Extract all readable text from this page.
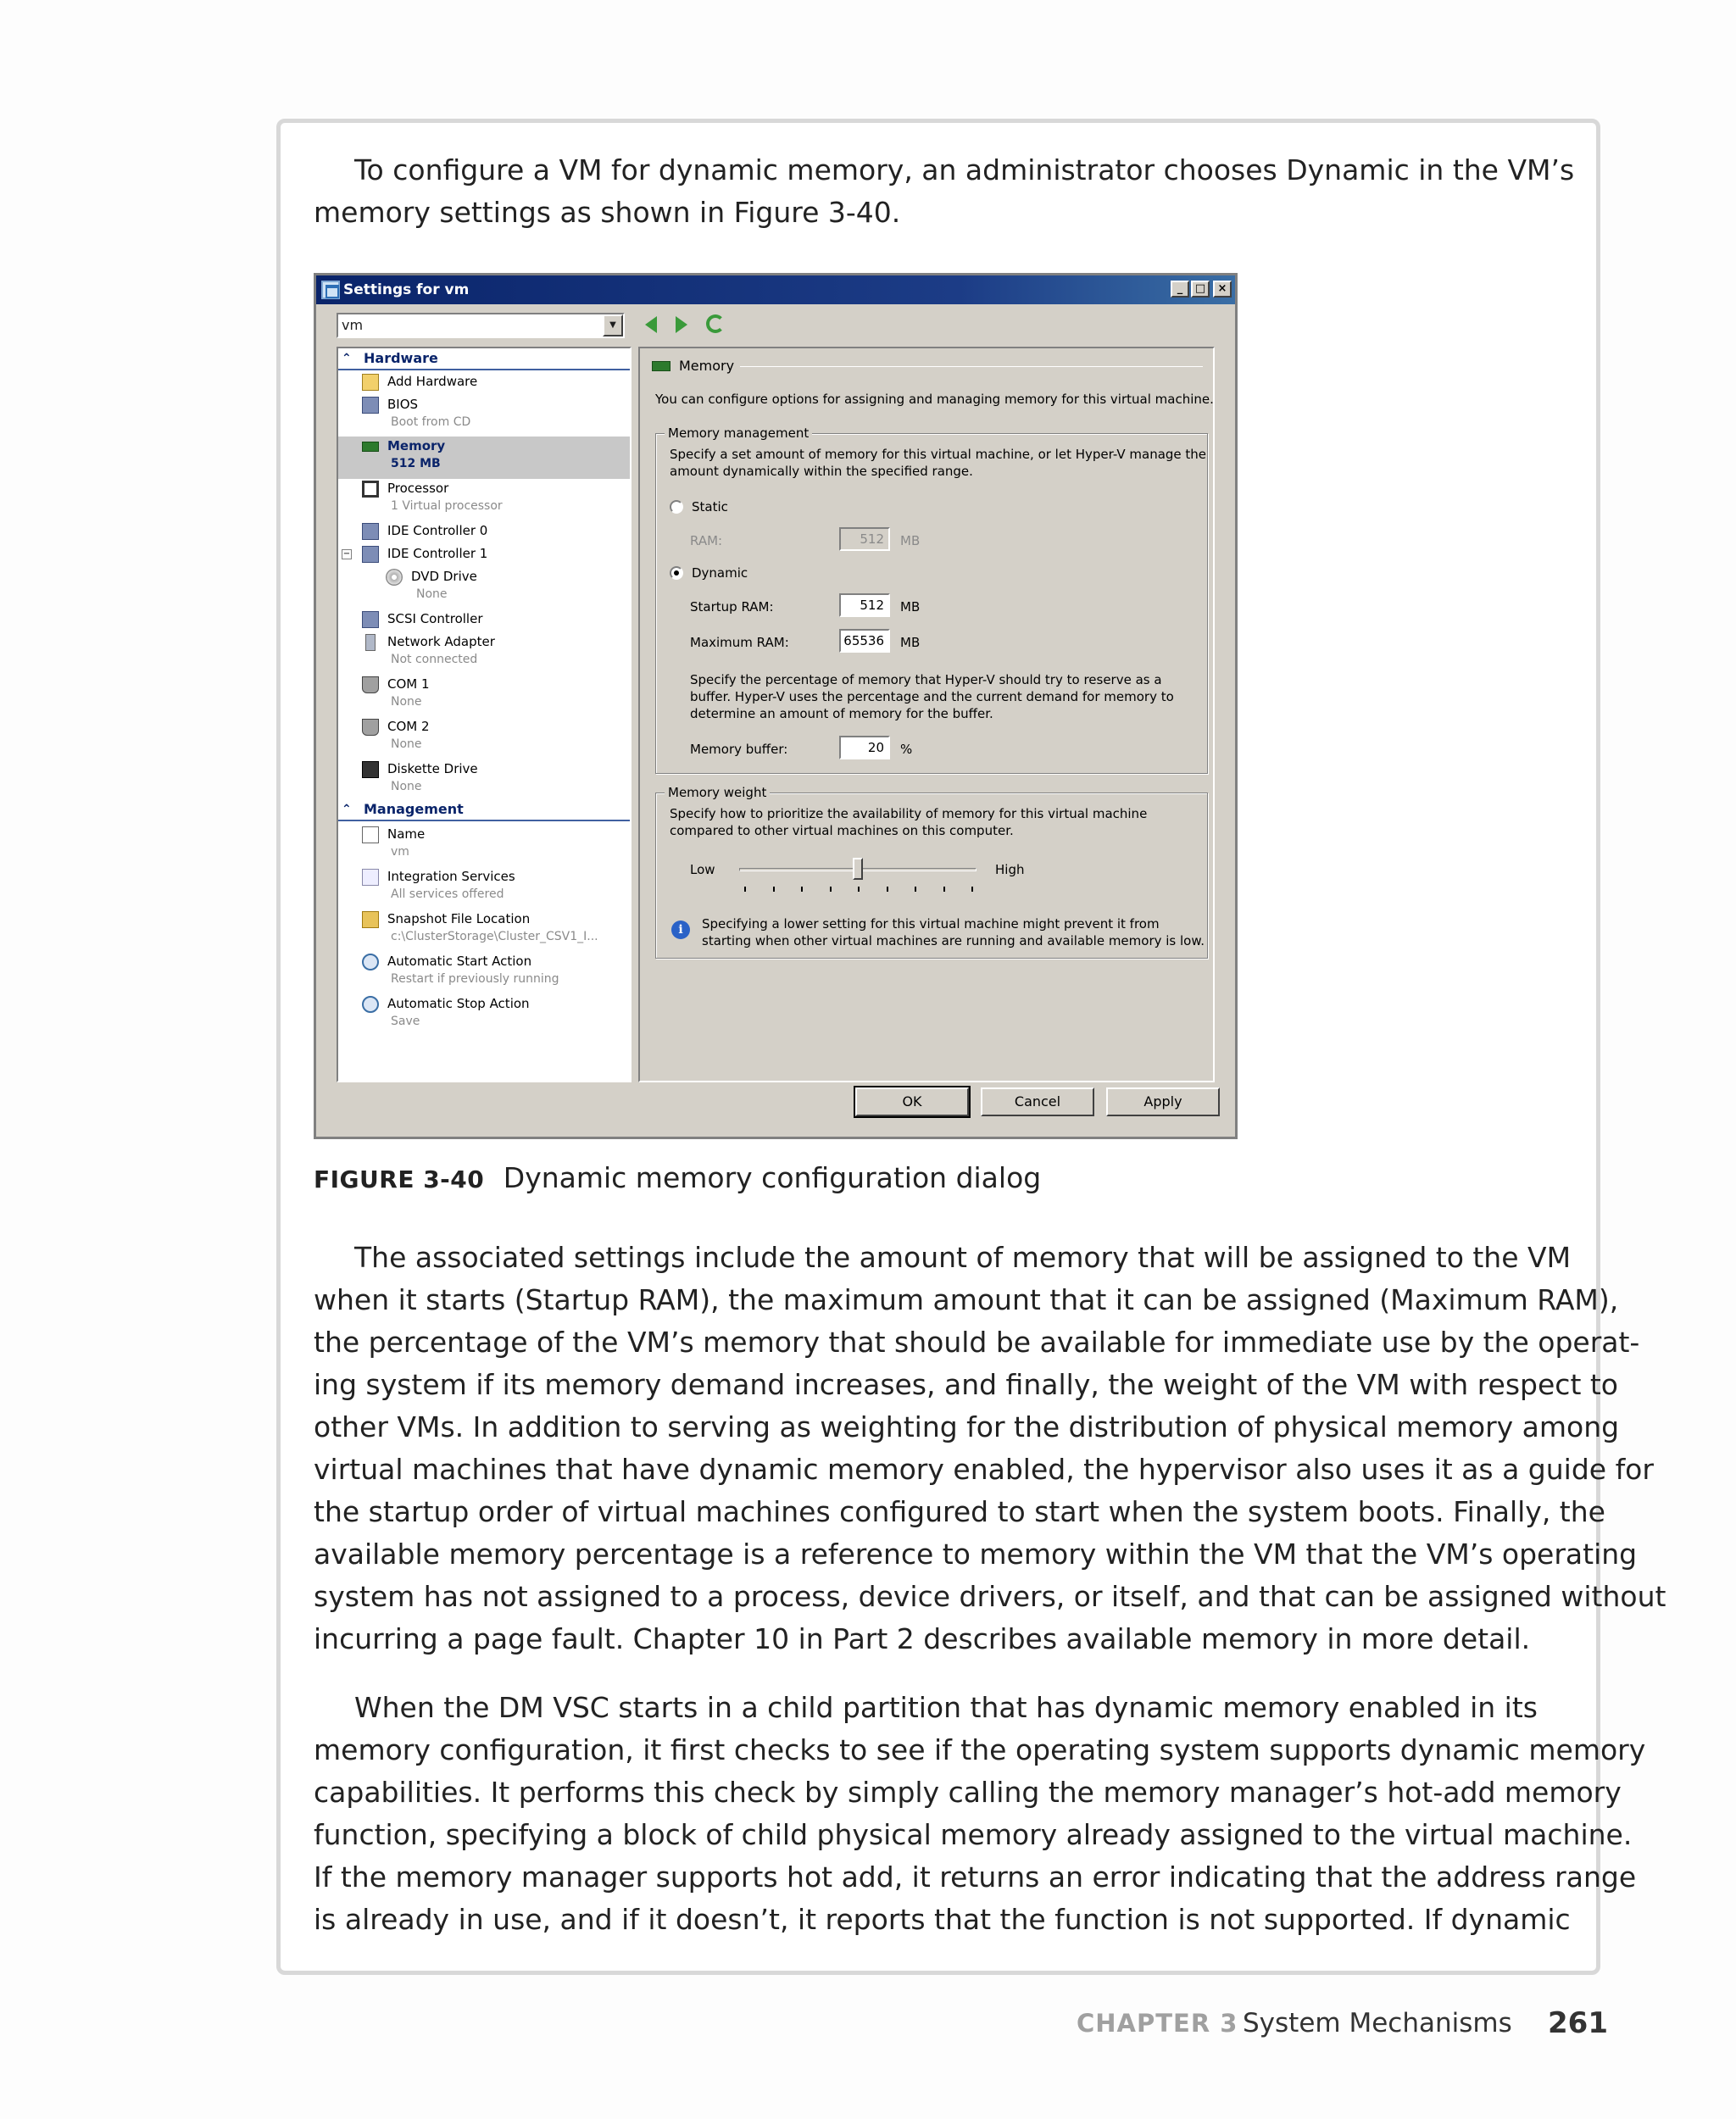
To configure a VM for dynamic memory, an administrator chooses Dynamic in the VM’s
memory settings as shown in Figure 3-40.
Settings for vm	_	□	×
vm	▼
⌃ Hardware
Add Hardware
BIOS
Boot from CD
Memory
512 MB
Processor
1 Virtual processor
IDE Controller 0
−	IDE Controller 1
DVD Drive
None
SCSI Controller
Network Adapter
Not connected
COM 1
None
COM 2
None
Diskette Drive
None
⌃ Management
Name
vm
Integration Services
All services offered
Snapshot File Location
c:\ClusterStorage\Cluster_CSV1_I...
Automatic Start Action
Restart if previously running
Automatic Stop Action
Save
Memory
You can configure options for assigning and managing memory for this virtual machine.
Memory management
Specify a set amount of memory for this virtual machine, or let Hyper-V manage the
amount dynamically within the specified range.
Static
RAM:	512	MB
Dynamic
Startup RAM:	512	MB
Maximum RAM:	65536	MB
Specify the percentage of memory that Hyper-V should try to reserve as a
buffer. Hyper-V uses the percentage and the current demand for memory to
determine an amount of memory for the buffer.
Memory buffer:	20	%
Memory weight
Specify how to prioritize the availability of memory for this virtual machine
compared to other virtual machines on this computer.
Low	High
i	Specifying a lower setting for this virtual machine might prevent it from
starting when other virtual machines are running and available memory is low.
OK	Cancel	Apply
FIGURE 3-40 Dynamic memory configuration dialog
The associated settings include the amount of memory that will be assigned to the VM
when it starts (Startup RAM), the maximum amount that it can be assigned (Maximum RAM),
the percentage of the VM’s memory that should be available for immediate use by the operat-
ing system if its memory demand increases, and finally, the weight of the VM with respect to
other VMs. In addition to serving as weighting for the distribution of physical memory among
virtual machines that have dynamic memory enabled, the hypervisor also uses it as a guide for
the startup order of virtual machines configured to start when the system boots. Finally, the
available memory percentage is a reference to memory within the VM that the VM’s operating
system has not assigned to a process, device drivers, or itself, and that can be assigned without
incurring a page fault. Chapter 10 in Part 2 describes available memory in more detail.
When the DM VSC starts in a child partition that has dynamic memory enabled in its
memory configuration, it first checks to see if the operating system supports dynamic memory
capabilities. It performs this check by simply calling the memory manager’s hot-add memory
function, specifying a block of child physical memory already assigned to the virtual machine.
If the memory manager supports hot add, it returns an error indicating that the address range
is already in use, and if it doesn’t, it reports that the function is not supported. If dynamic
CHAPTER 3 System Mechanisms 261
